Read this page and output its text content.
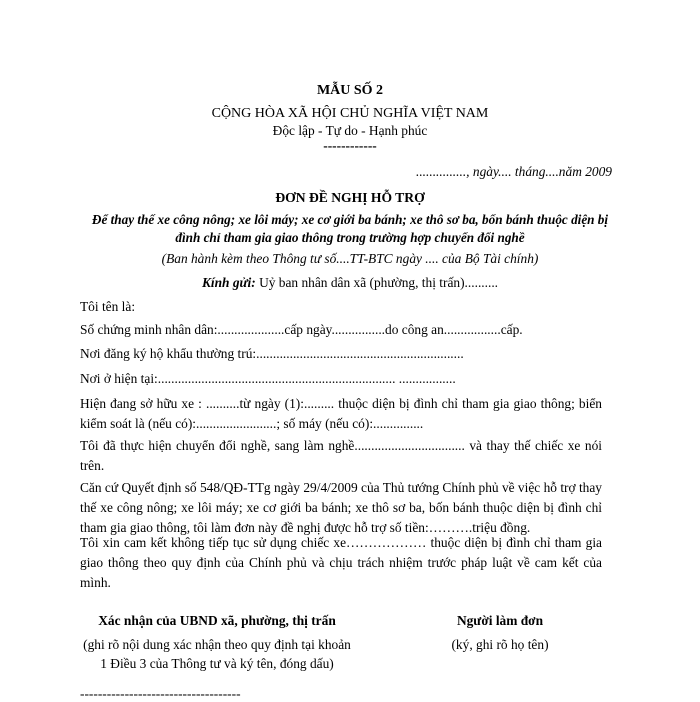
MẪU SỐ 2
CỘNG HÒA XÃ HỘI CHỦ NGHĨA VIỆT NAM
Độc lập - Tự do - Hạnh phúc
------------
..............., ngày.... tháng....năm 2009
ĐƠN ĐỀ NGHỊ HỖ TRỢ
Để thay thế xe công nông; xe lôi máy; xe cơ giới ba bánh; xe thô sơ ba, bốn bánh thuộc diện bị đình chỉ tham gia giao thông trong trường hợp chuyển đổi nghề
(Ban hành kèm theo Thông tư số....TT-BTC ngày .... của Bộ Tài chính)
Kính gửi: Uỷ ban nhân dân xã (phường, thị trấn)..........
Tôi tên là:
Số chứng minh nhân dân:....................cấp ngày................do công an.................cấp.
Nơi đăng ký hộ khẩu thường trú:..............................................................
Nơi ở hiện tại:....................................................................... .................
Hiện đang sở hữu xe : ..........từ ngày (1):......... thuộc diện bị đình chỉ tham gia giao thông; biển kiểm soát là (nếu có):........................; số máy (nếu có):...............
Tôi đã thực hiện chuyển đổi nghề, sang làm nghề................................. và thay thế chiếc xe nói trên.
Căn cứ Quyết định số 548/QĐ-TTg ngày 29/4/2009 của Thủ tướng Chính phủ về việc hỗ trợ thay thế xe công nông; xe lôi máy; xe cơ giới ba bánh; xe thô sơ ba, bốn bánh thuộc diện bị đình chỉ tham gia giao thông, tôi làm đơn này đề nghị được hỗ trợ số tiền:……….triệu đồng.
Tôi xin cam kết không tiếp tục sử dụng chiếc xe……………… thuộc diện bị đình chỉ tham gia giao thông theo quy định của Chính phủ và chịu trách nhiệm trước pháp luật về cam kết của mình.
Xác nhận của UBND xã, phường, thị trấn
(ghi rõ nội dung xác nhận theo quy định tại khoản 1 Điều 3 của Thông tư và ký tên, đóng dấu)
Người làm đơn
(ký, ghi rõ họ tên)
------------------------------------
